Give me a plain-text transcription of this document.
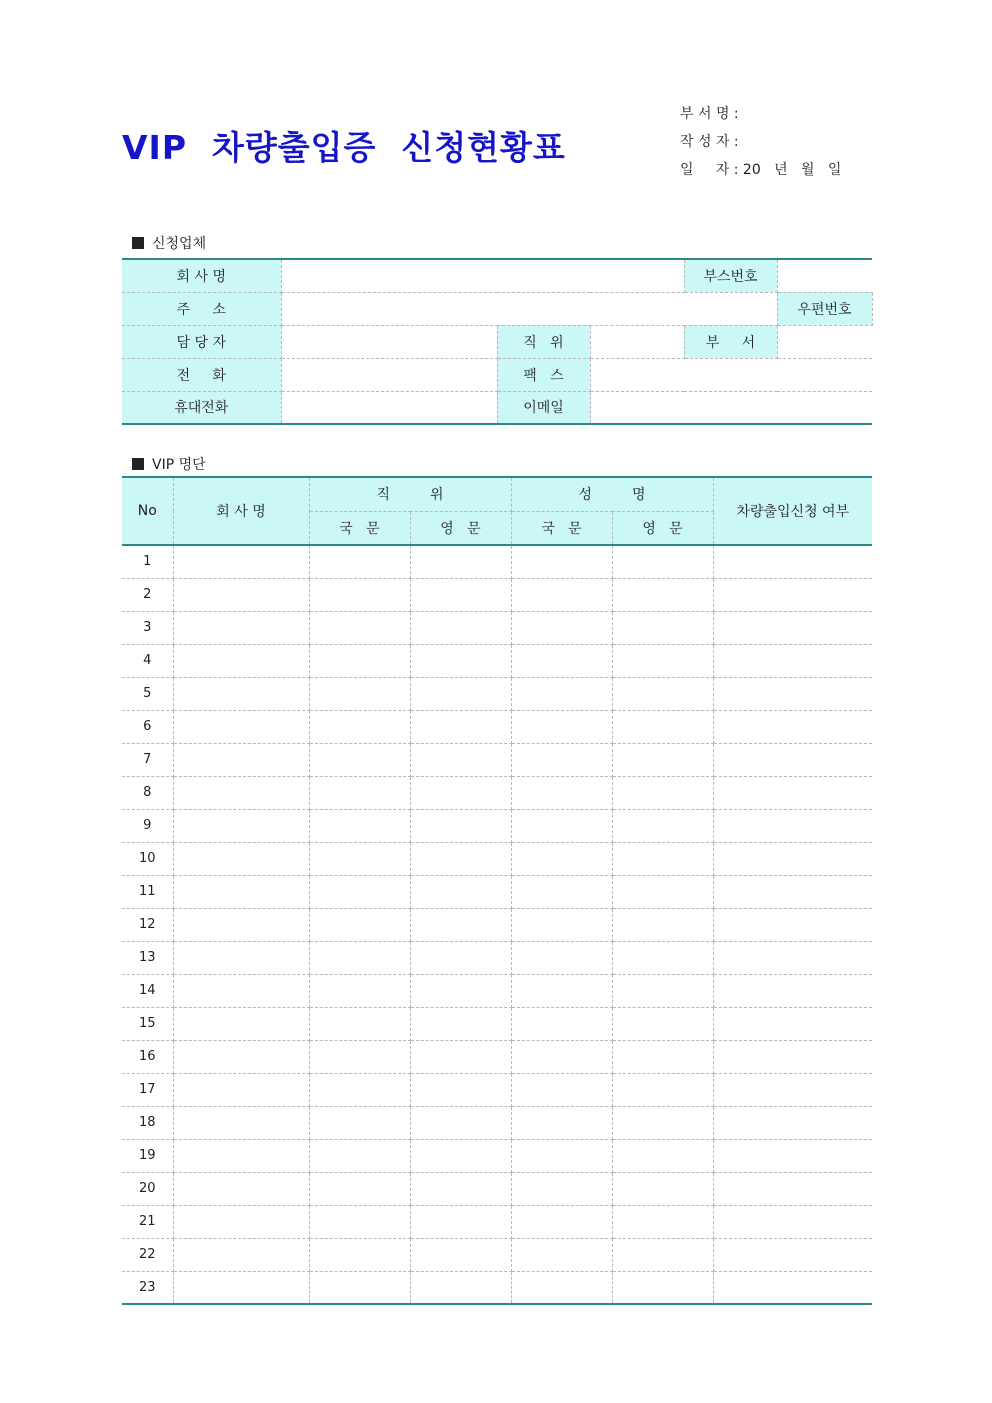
VIP  차량출입증  신청현황표
부 서 명 :
작 성 자 :
일     자 : 20   년   월   일
신청업체
회 사 명				부스번호		
주     소					우편번호	
담 당 자		직   위		부     서		
전     화		팩   스				
휴대전화		이메일				
VIP 명단
No	회 사 명	직         위		성         명		차량출입신청 여부
		국   문	영   문	국   문	영   문	
1						
2						
3						
4						
5						
6						
7						
8						
9						
10						
11						
12						
13						
14						
15						
16						
17						
18						
19						
20						
21						
22						
23						
